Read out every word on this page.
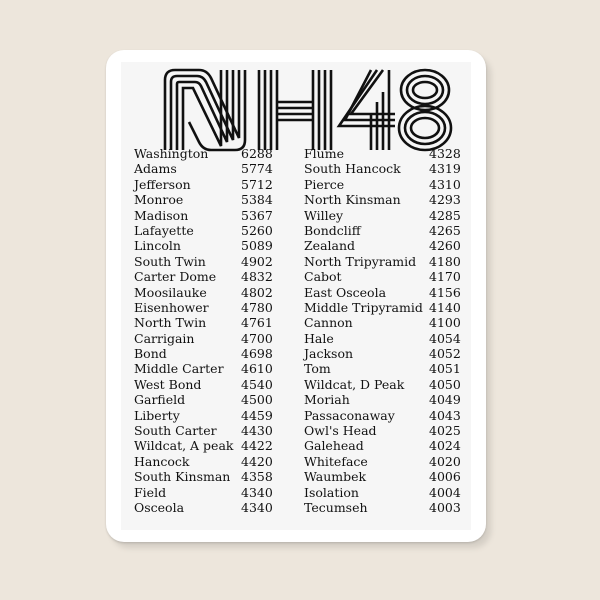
Washington	6288
Adams	5774
Jefferson	5712
Monroe	5384
Madison	5367
Lafayette	5260
Lincoln	5089
South Twin	4902
Carter Dome 4832
Moosilauke	4802
Eisenhower	4780
North Twin	4761
Carrigain	4700
Bond	4698
Middle Carter 4610
West Bond	4540
Garfield	4500
Liberty	4459
South Carter 4430
Wildcat, A peak 4422
Hancock	4420
South Kinsman 4358
Field	4340
Osceola	4340
Flume	4328
South Hancock 4319
Pierce	4310
North Kinsman 4293
Willey	4285
Bondcliff	4265
Zealand	4260
North Tripyramid 4180
Cabot	4170
East Osceola	4156
Middle Tripyramid 4140
Cannon	4100
Hale	4054
Jackson	4052
Tom	4051
Wildcat, D Peak 4050
Moriah	4049
Passaconaway	4043
Owl's Head	4025
Galehead	4024
Whiteface	4020
Waumbek	4006
Isolation	4004
Tecumseh	4003
